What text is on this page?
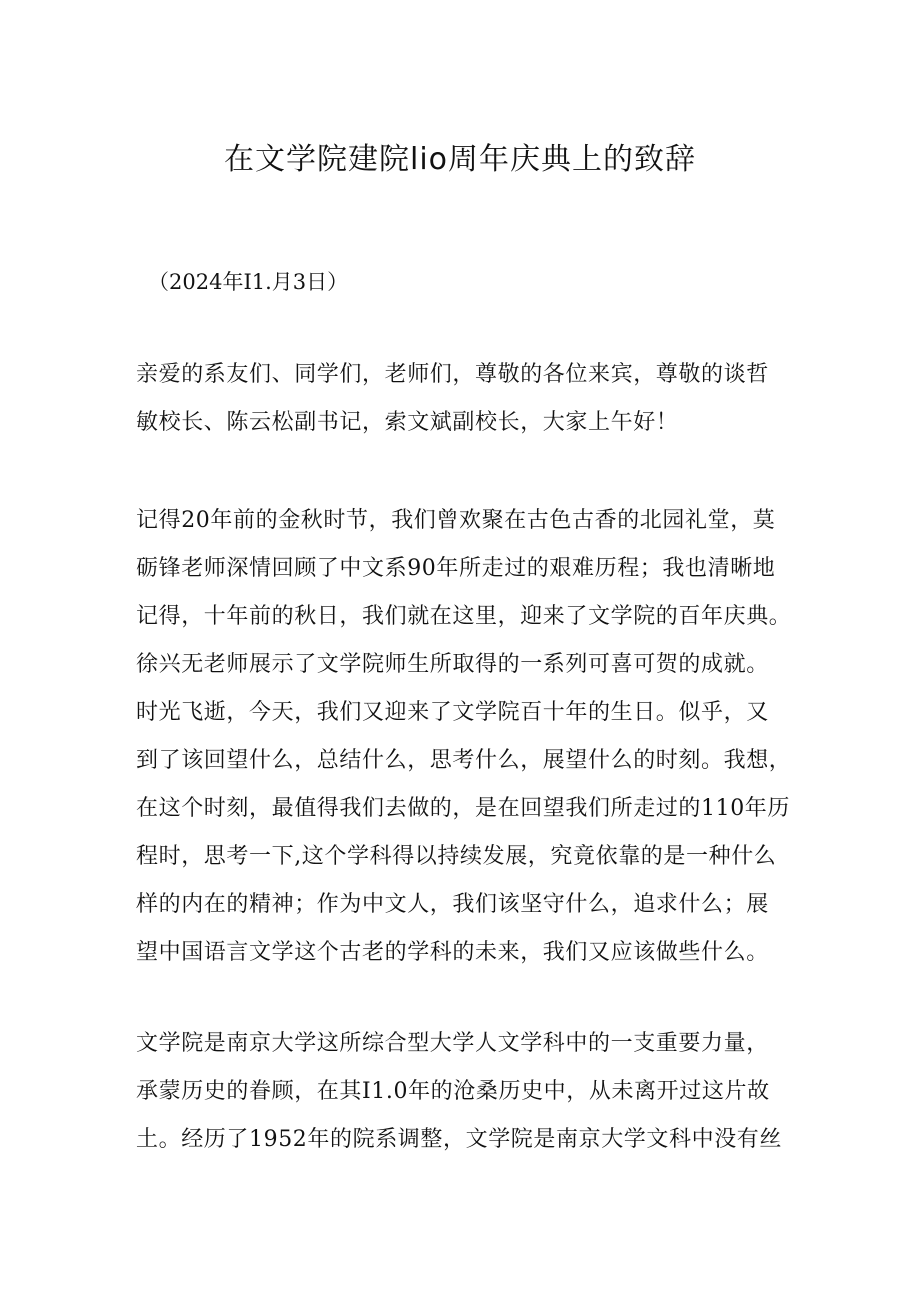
在文学院建院lio周年庆典上的致辞
（2024年I1.月3日）
亲爱的系友们、同学们，老师们，尊敬的各位来宾，尊敬的谈哲
敏校长、陈云松副书记，索文斌副校长，大家上午好！
记得20年前的金秋时节，我们曾欢聚在古色古香的北园礼堂，莫
砺锋老师深情回顾了中文系90年所走过的艰难历程；我也清晰地
记得，十年前的秋日，我们就在这里，迎来了文学院的百年庆典。
徐兴无老师展示了文学院师生所取得的一系列可喜可贺的成就。
时光飞逝，今天，我们又迎来了文学院百十年的生日。似乎，又
到了该回望什么，总结什么，思考什么，展望什么的时刻。我想，
在这个时刻，最值得我们去做的，是在回望我们所走过的110年历
程时，思考一下,这个学科得以持续发展，究竟依靠的是一种什么
样的内在的精神；作为中文人，我们该坚守什么，追求什么；展
望中国语言文学这个古老的学科的未来，我们又应该做些什么。
文学院是南京大学这所综合型大学人文学科中的一支重要力量，
承蒙历史的眷顾，在其I1.0年的沧桑历史中，从未离开过这片故
土。经历了1952年的院系调整，文学院是南京大学文科中没有丝
